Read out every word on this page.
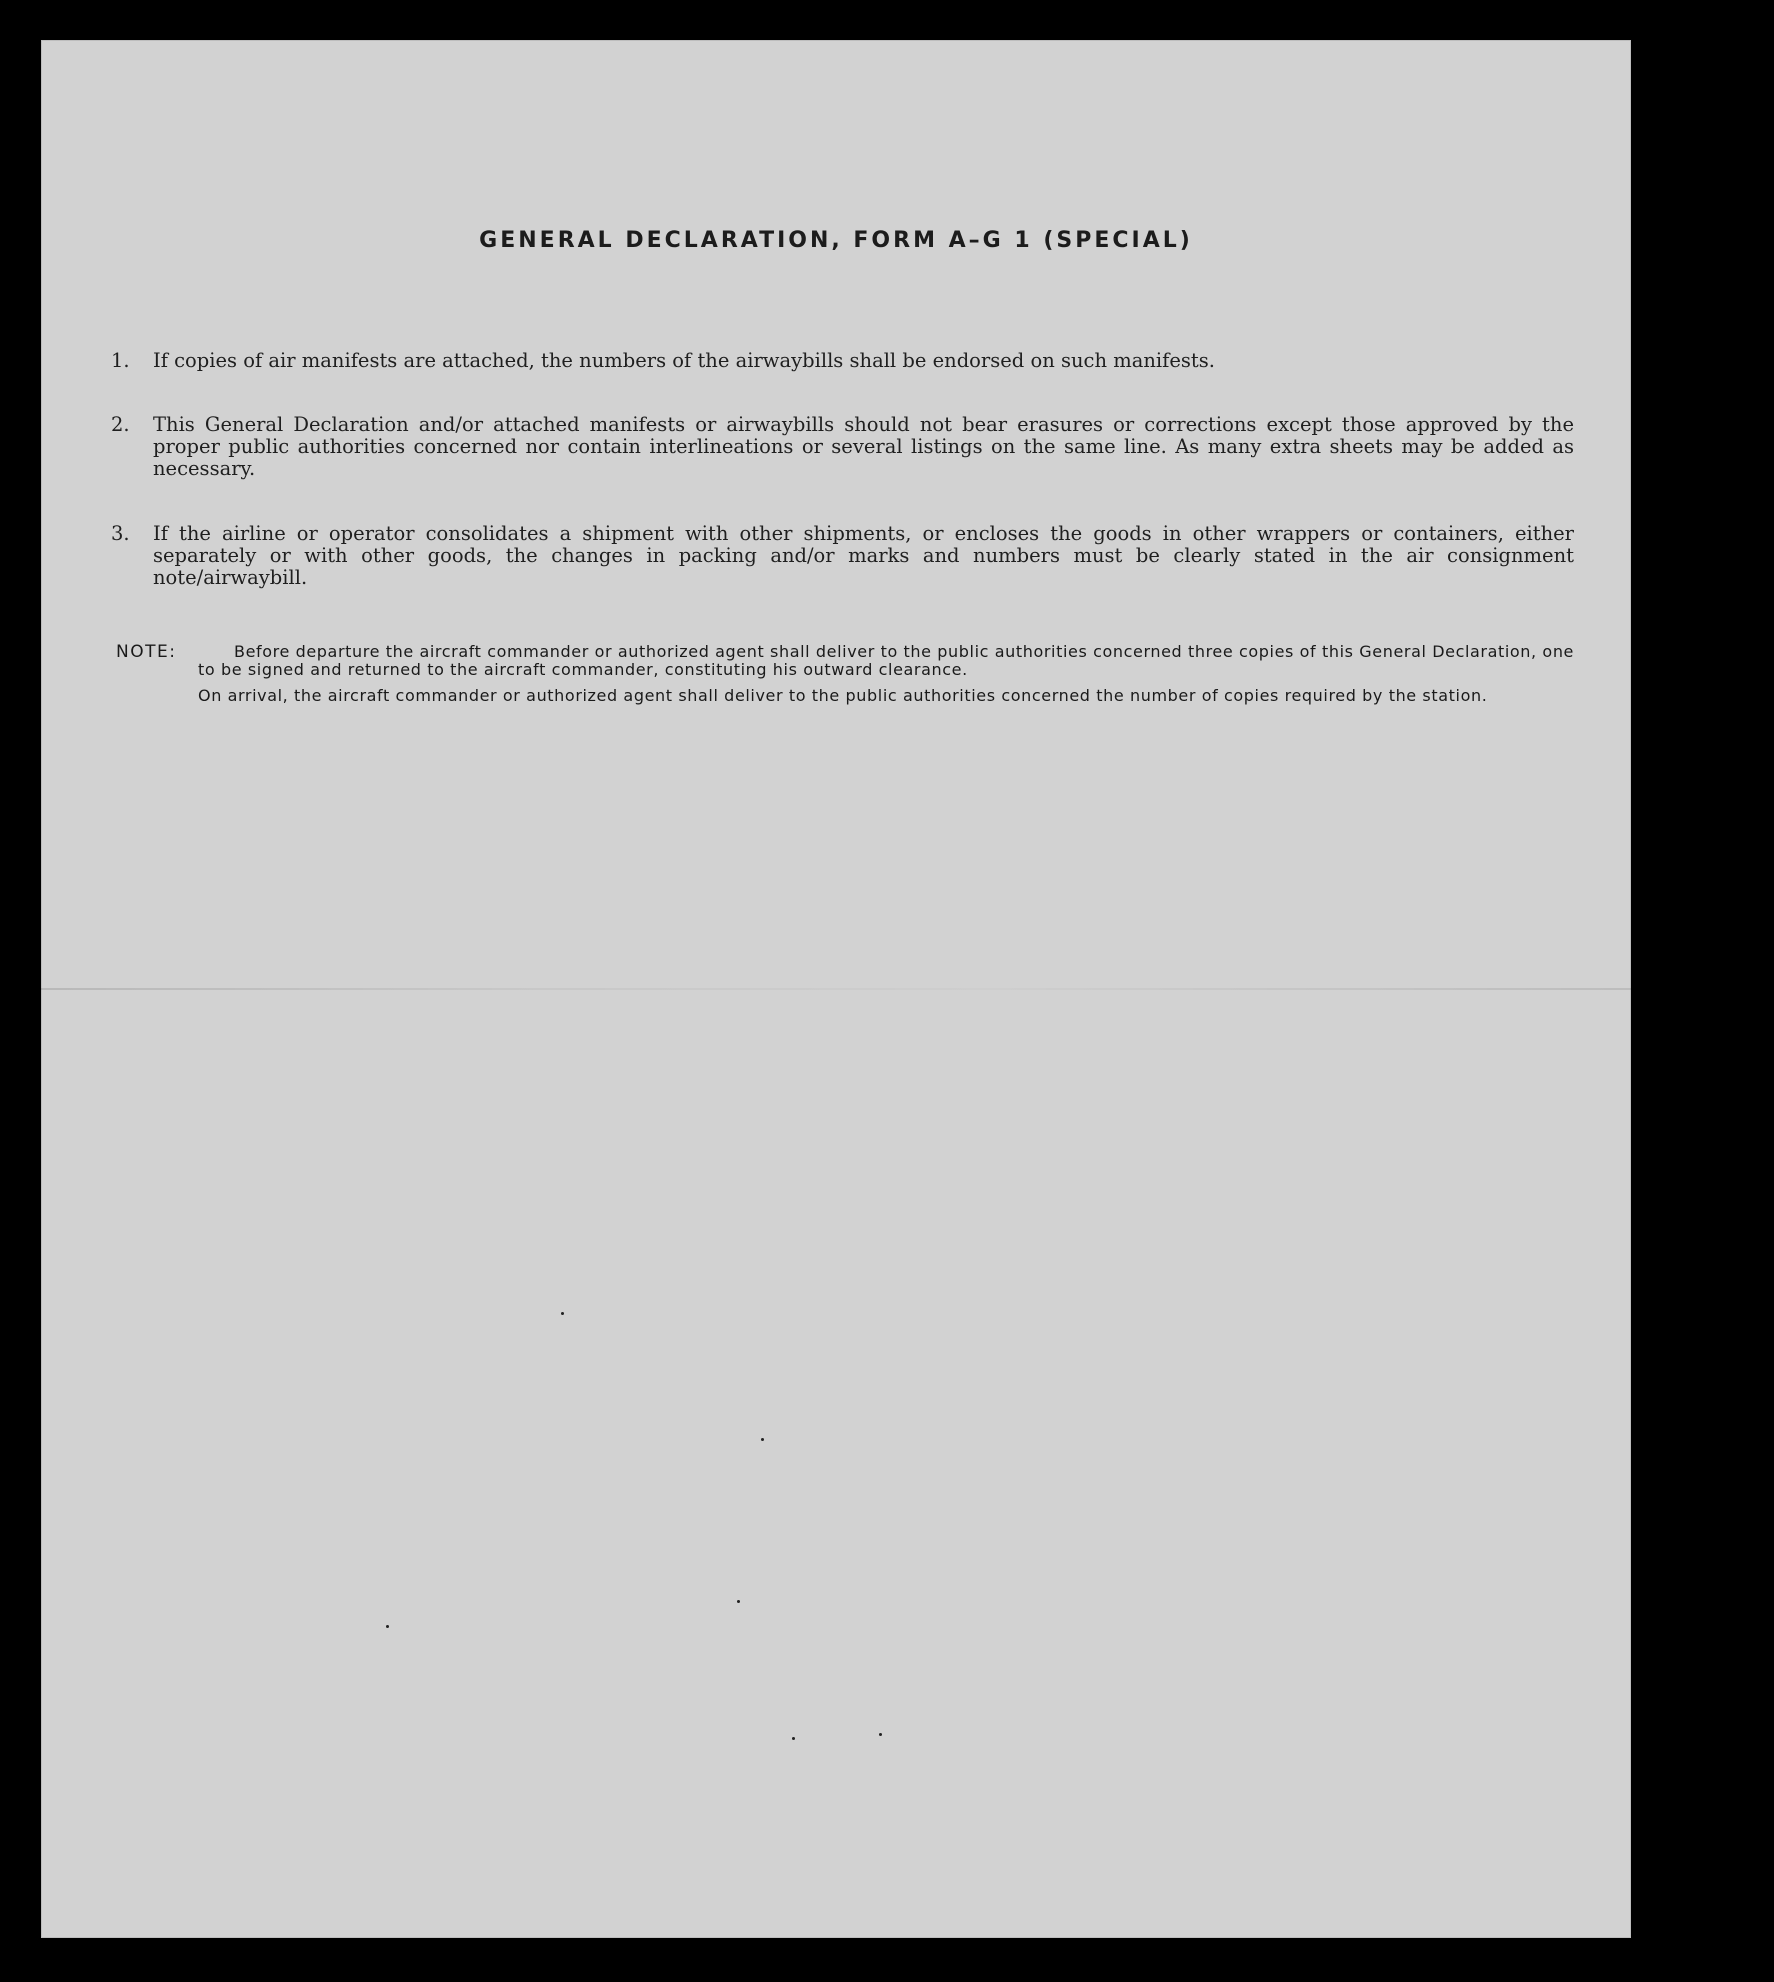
GENERAL DECLARATION, FORM A–G 1 (SPECIAL)
1. If copies of air manifests are attached, the numbers of the airwaybills shall be endorsed on such manifests.
2. This General Declaration and/or attached manifests or airwaybills should not bear erasures or corrections except those approved by the proper public authorities concerned nor contain interlineations or several listings on the same line. As many extra sheets may be added as necessary.
3. If the airline or operator consolidates a shipment with other shipments, or encloses the goods in other wrappers or containers, either separately or with other goods, the changes in packing and/or marks and numbers must be clearly stated in the air consignment note/airwaybill.
NOTE:	Before departure the aircraft commander or authorized agent shall deliver to the public authorities concerned three copies of this General Declaration, one to be signed and returned to the aircraft commander, constituting his outward clearance.
On arrival, the aircraft commander or authorized agent shall deliver to the public authorities concerned the number of copies required by the station.
